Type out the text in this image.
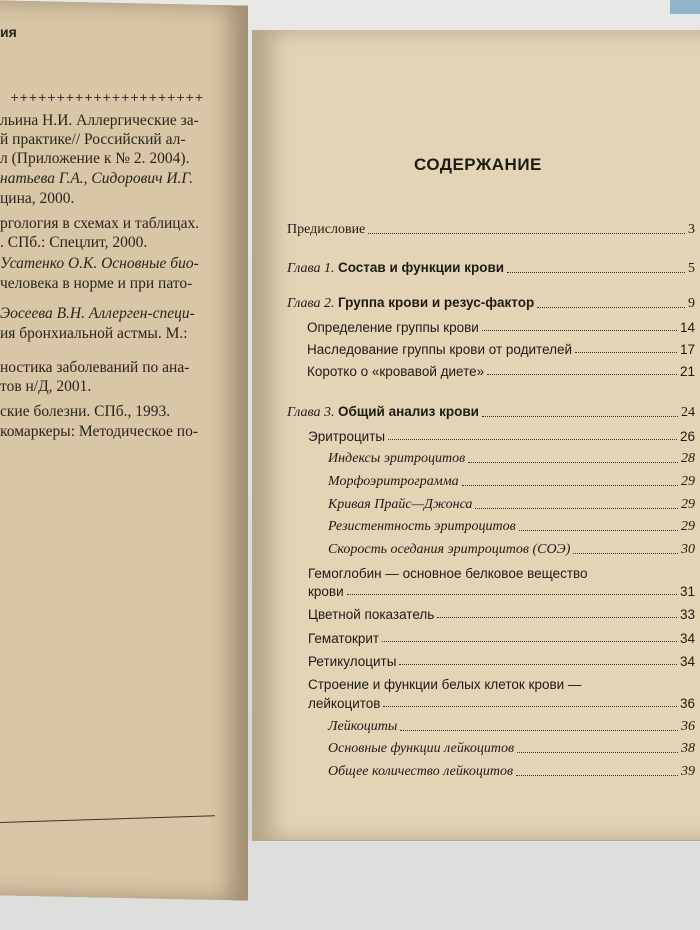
ия
+++++++++++++++++++++
льина Н.И. Аллергические за-
й практике// Российский ал-
л (Приложение к № 2. 2004).
натьева Г.А., Сидорович И.Г.
цина, 2000.
ргология в схемах и таблицах.
. СПб.: Спецлит, 2000.
Усатенко О.К. Основные био-
человека в норме и при пато-
Эосеева В.Н. Аллерген-специ-
ия бронхиальной астмы. М.:
ностика заболеваний по ана-
тов н/Д, 2001.
ские болезни. СПб., 1993.
комаркеры: Методическое по-
СОДЕРЖАНИЕ
Предисловие	3
Глава 1. Состав и функции крови	5
Глава 2. Группа крови и резус-фактор	9
Определение группы крови	14
Наследование группы крови от родителей	17
Коротко о «кровавой диете»	21
Глава 3. Общий анализ крови	24
Эритроциты	26
Индексы эритроцитов	28
Морфоэритрограмма	29
Кривая Прайс—Джонса	29
Резистентность эритроцитов	29
Скорость оседания эритроцитов (СОЭ)	30
Гемоглобин — основное белковое вещество
крови	31
Цветной показатель	33
Гематокрит	34
Ретикулоциты	34
Строение и функции белых клеток крови —
лейкоцитов	36
Лейкоциты	36
Основные функции лейкоцитов	38
Общее количество лейкоцитов	39
